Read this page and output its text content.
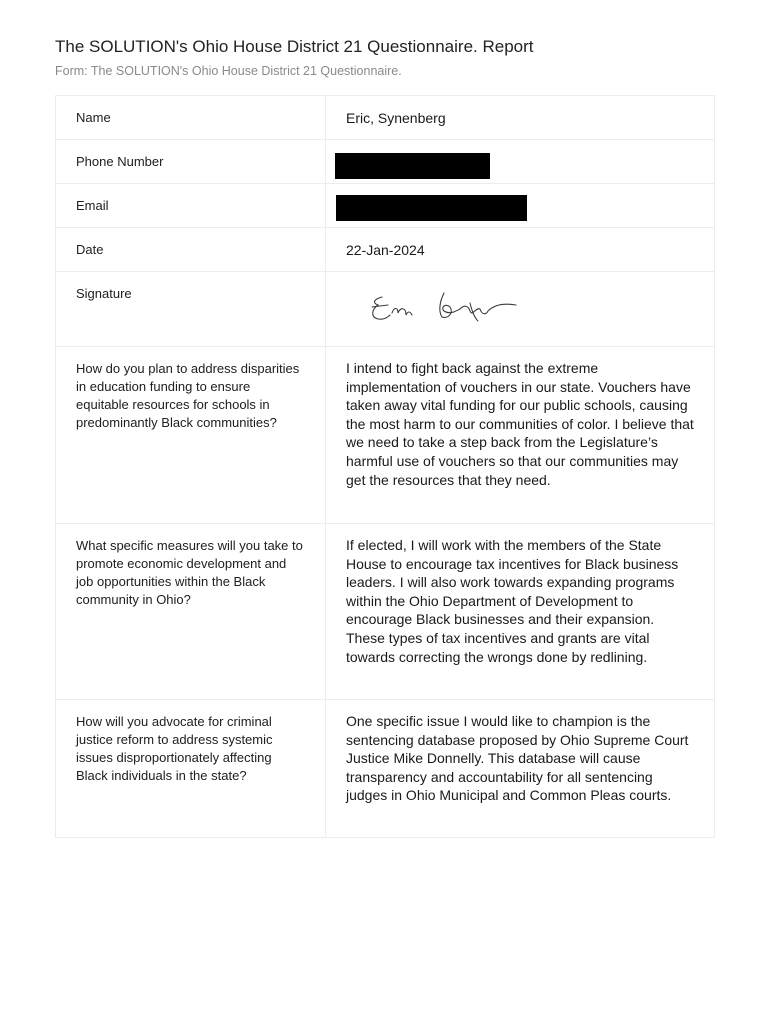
The SOLUTION's Ohio House District 21 Questionnaire. Report
Form: The SOLUTION's Ohio House District 21 Questionnaire.
Name	Eric, Synenberg
Phone Number	

Email	

Date	22-Jan-2024
Signature	

How do you plan to address disparities in education funding to ensure equitable resources for schools in predominantly Black communities?	I intend to fight back against the extreme implementation of vouchers in our state. Vouchers have taken away vital funding for our public schools, causing the most harm to our communities of color. I believe that we need to take a step back from the Legislature’s harmful use of vouchers so that our communities may get the resources that they need.
What specific measures will you take to promote economic development and job opportunities within the Black community in Ohio?	If elected, I will work with the members of the State House to encourage tax incentives for Black business leaders. I will also work towards expanding programs within the Ohio Department of Development to encourage Black businesses and their expansion. These types of tax incentives and grants are vital towards correcting the wrongs done by redlining.
How will you advocate for criminal justice reform to address systemic issues disproportionately affecting Black individuals in the state?	One specific issue I would like to champion is the sentencing database proposed by Ohio Supreme Court Justice Mike Donnelly. This database will cause transparency and accountability for all sentencing judges in Ohio Municipal and Common Pleas courts.
